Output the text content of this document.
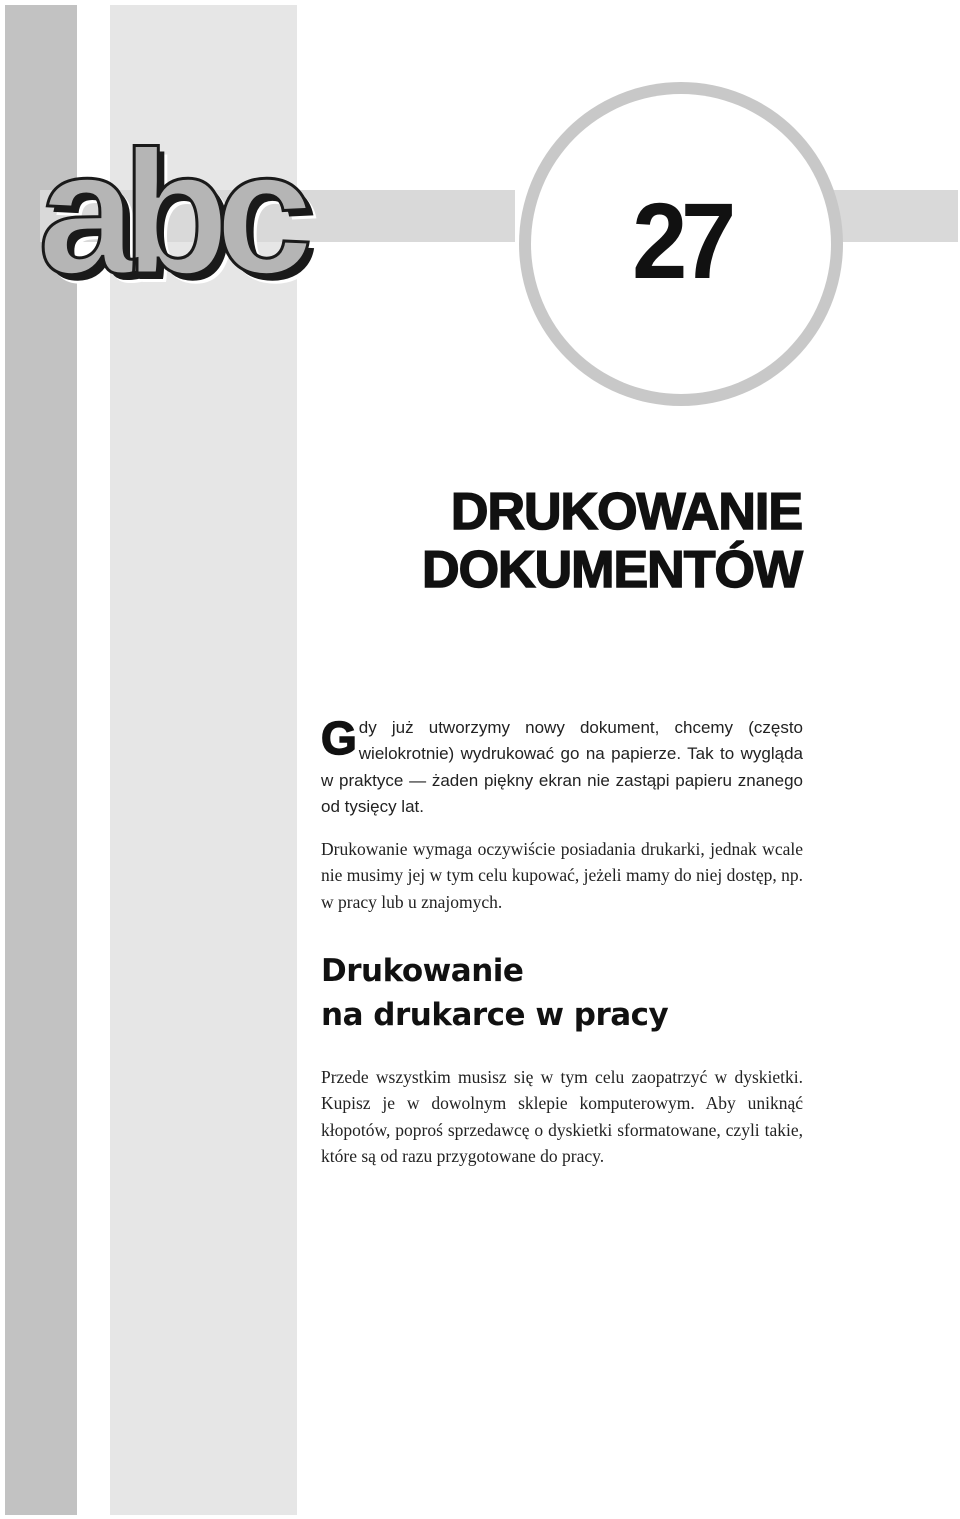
27
abc
DRUKOWANIE
DOKUMENTÓW

Gdy już utworzymy nowy dokument, chcemy (często wielokrotnie) wydrukować go na papierze. Tak to wygląda w praktyce — żaden piękny ekran nie zastąpi papieru znanego od tysięcy lat.

Drukowanie wymaga oczywiście posiadania drukarki, jednak wcale nie musimy jej w tym celu kupować, jeżeli mamy do niej dostęp, np. w pracy lub u znajomych.

Drukowanie
na drukarce w pracy

Przede wszystkim musisz się w tym celu zaopatrzyć w dyskietki. Kupisz je w dowolnym sklepie komputerowym. Aby uniknąć kłopotów, poproś sprzedawcę o dyskietki sformatowane, czyli takie, które są od razu przygotowane do pracy.
